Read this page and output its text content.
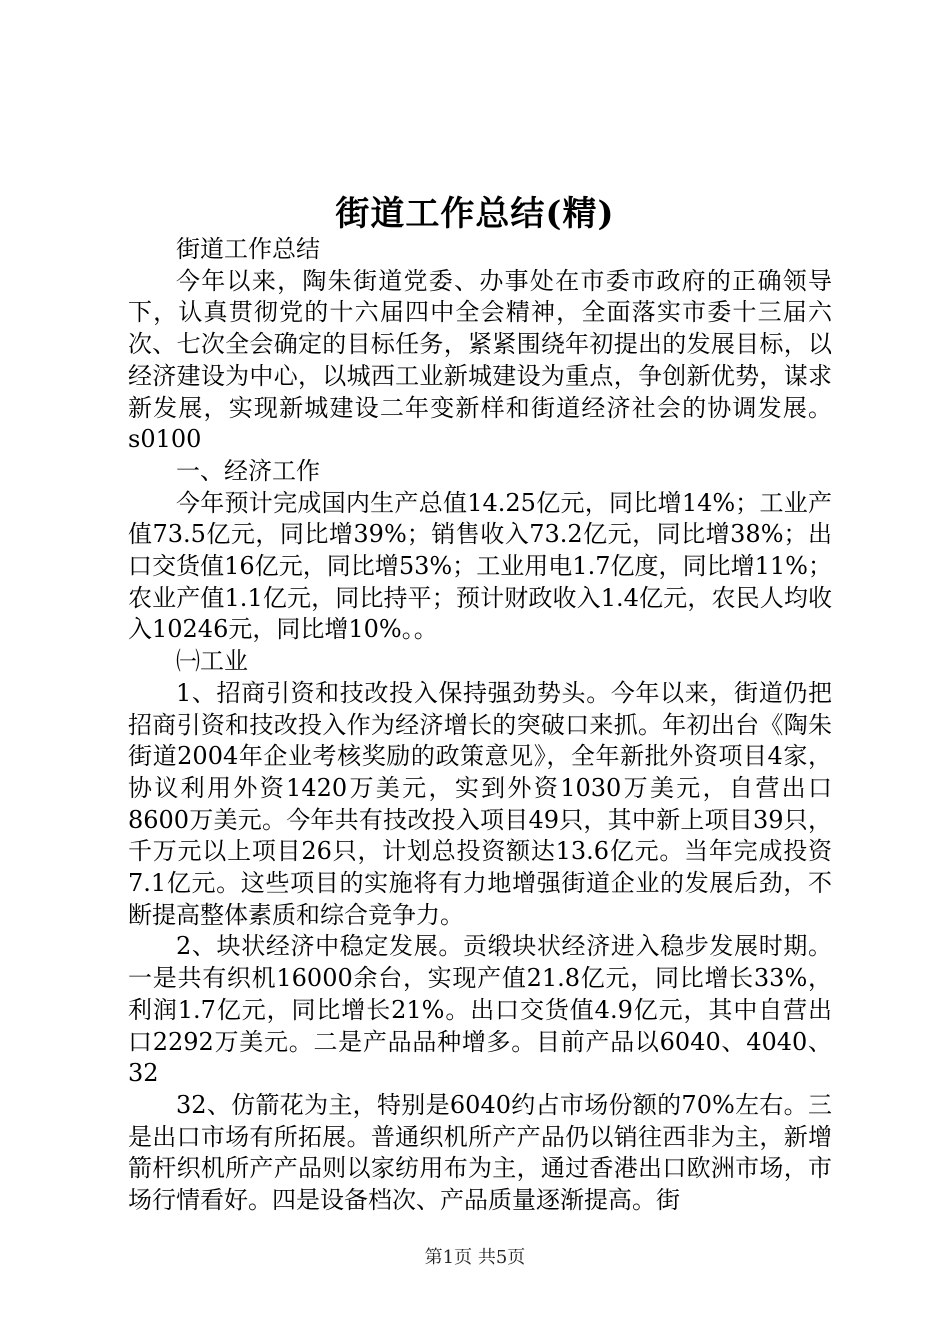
街道工作总结(精)

街道工作总结

今年以来，陶朱街道党委、办事处在市委市政府的正确领导下，认真贯彻党的十六届四中全会精神，全面落实市委十三届六次、七次全会确定的目标任务，紧紧围绕年初提出的发展目标，以经济建设为中心，以城西工业新城建设为重点，争创新优势，谋求新发展，实现新城建设二年变新样和街道经济社会的协调发展。s0100

一、经济工作

今年预计完成国内生产总值14.25亿元，同比增14%；工业产值73.5亿元，同比增39%；销售收入73.2亿元，同比增38%；出口交货值16亿元，同比增53%；工业用电1.7亿度，同比增11%；农业产值1.1亿元，同比持平；预计财政收入1.4亿元，农民人均收入10246元，同比增10%。。

㈠工业

1、招商引资和技改投入保持强劲势头。今年以来，街道仍把招商引资和技改投入作为经济增长的突破口来抓。年初出台《陶朱街道2004年企业考核奖励的政策意见》，全年新批外资项目4家，协议利用外资1420万美元，实到外资1030万美元，自营出口8600万美元。今年共有技改投入项目49只，其中新上项目39只，千万元以上项目26只，计划总投资额达13.6亿元。当年完成投资7.1亿元。这些项目的实施将有力地增强街道企业的发展后劲，不断提高整体素质和综合竞争力。

2、块状经济中稳定发展。贡缎块状经济进入稳步发展时期。一是共有织机16000余台，实现产值21.8亿元，同比增长33%，利润1.7亿元，同比增长21%。出口交货值4.9亿元，其中自营出口2292万美元。二是产品品种增多。目前产品以6040、4040、32

32、仿箭花为主，特别是6040约占市场份额的70%左右。三是出口市场有所拓展。普通织机所产产品仍以销往西非为主，新增箭杆织机所产产品则以家纺用布为主，通过香港出口欧洲市场，市场行情看好。四是设备档次、产品质量逐渐提高。街

第1页 共5页
